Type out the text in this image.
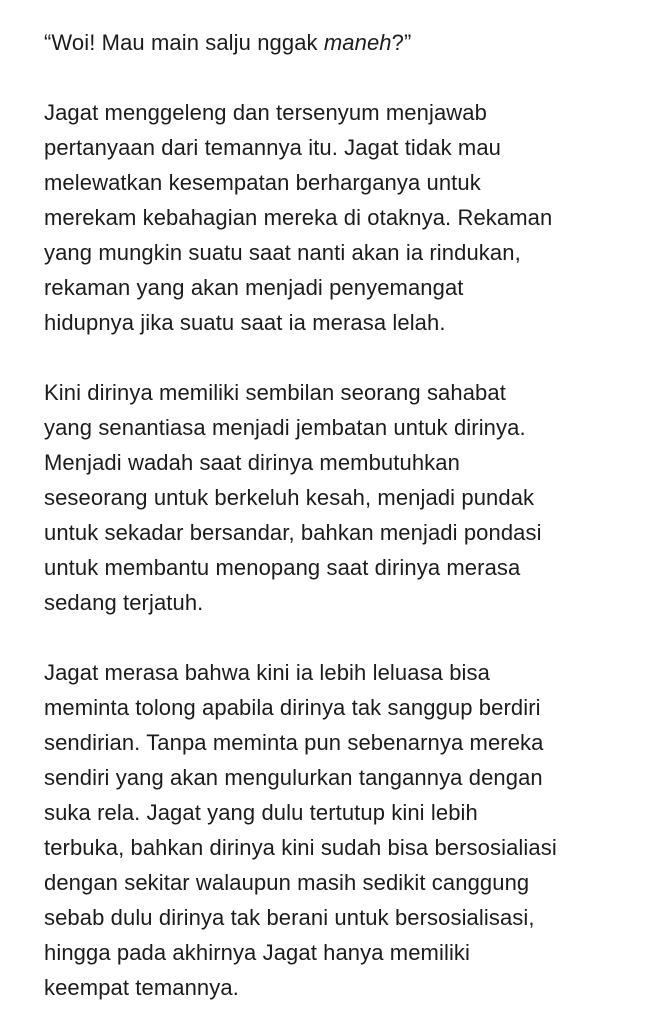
“Woi! Mau main salju nggak maneh?”
Jagat menggeleng dan tersenyum menjawab
pertanyaan dari temannya itu. Jagat tidak mau
melewatkan kesempatan berharganya untuk
merekam kebahagian mereka di otaknya. Rekaman
yang mungkin suatu saat nanti akan ia rindukan,
rekaman yang akan menjadi penyemangat
hidupnya jika suatu saat ia merasa lelah.
Kini dirinya memiliki sembilan seorang sahabat
yang senantiasa menjadi jembatan untuk dirinya.
Menjadi wadah saat dirinya membutuhkan
seseorang untuk berkeluh kesah, menjadi pundak
untuk sekadar bersandar, bahkan menjadi pondasi
untuk membantu menopang saat dirinya merasa
sedang terjatuh.
Jagat merasa bahwa kini ia lebih leluasa bisa
meminta tolong apabila dirinya tak sanggup berdiri
sendirian. Tanpa meminta pun sebenarnya mereka
sendiri yang akan mengulurkan tangannya dengan
suka rela. Jagat yang dulu tertutup kini lebih
terbuka, bahkan dirinya kini sudah bisa bersosialiasi
dengan sekitar walaupun masih sedikit canggung
sebab dulu dirinya tak berani untuk bersosialisasi,
hingga pada akhirnya Jagat hanya memiliki
keempat temannya.
